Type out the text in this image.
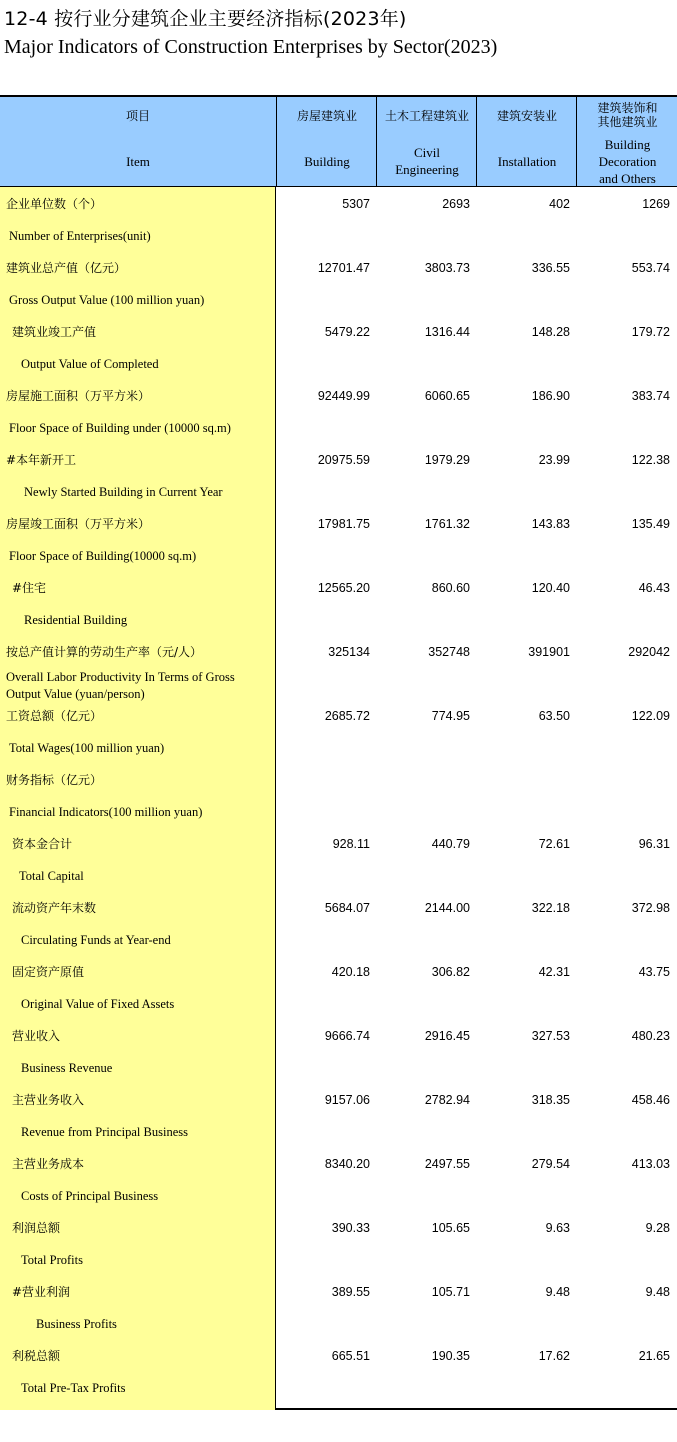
12-4 按行业分建筑企业主要经济指标(2023年)
Major Indicators of Construction Enterprises by Sector(2023)
项目
Item
房屋建筑业
Building
土木工程建筑业
Civil
Engineering
建筑安装业
Installation
建筑装饰和
其他建筑业
Building
Decoration
and Others
企业单位数（个）
Number of Enterprises(unit)
5307	2693	402	1269
建筑业总产值（亿元）
Gross Output Value (100 million yuan)
12701.47	3803.73	336.55	553.74
建筑业竣工产值
Output Value of Completed
5479.22	1316.44	148.28	179.72
房屋施工面积（万平方米）
Floor Space of Building under (10000 sq.m)
92449.99	6060.65	186.90	383.74
#本年新开工
Newly Started Building in Current Year
20975.59	1979.29	23.99	122.38
房屋竣工面积（万平方米）
Floor Space of Building(10000 sq.m)
17981.75	1761.32	143.83	135.49
#住宅
Residential Building
12565.20	860.60	120.40	46.43
按总产值计算的劳动生产率（元/人）
Overall Labor Productivity In Terms of Gross
Output Value (yuan/person)
325134	352748	391901	292042
工资总额（亿元）
Total Wages(100 million yuan)
2685.72	774.95	63.50	122.09
财务指标（亿元）
Financial Indicators(100 million yuan)
资本金合计
Total Capital
928.11	440.79	72.61	96.31
流动资产年末数
Circulating Funds at Year-end
5684.07	2144.00	322.18	372.98
固定资产原值
Original Value of Fixed Assets
420.18	306.82	42.31	43.75
营业收入
Business Revenue
9666.74	2916.45	327.53	480.23
主营业务收入
Revenue from Principal Business
9157.06	2782.94	318.35	458.46
主营业务成本
Costs of Principal Business
8340.20	2497.55	279.54	413.03
利润总额
Total Profits
390.33	105.65	9.63	9.28
#营业利润
Business Profits
389.55	105.71	9.48	9.48
利税总额
Total Pre-Tax Profits
665.51	190.35	17.62	21.65
